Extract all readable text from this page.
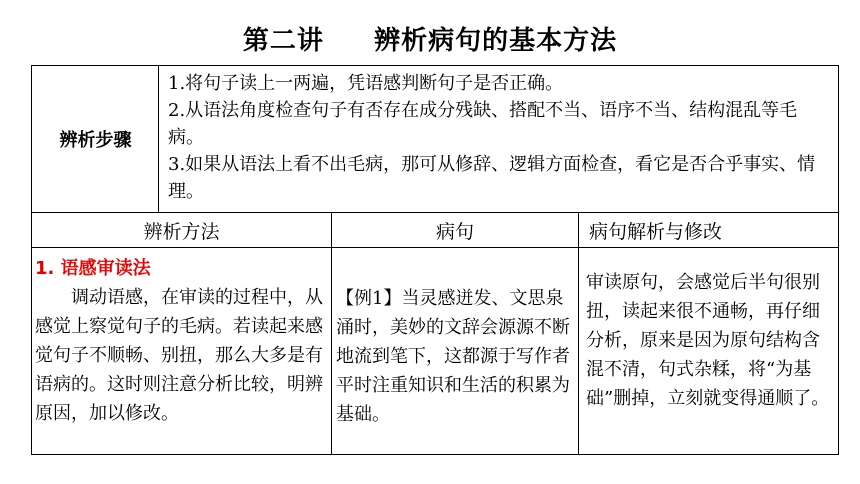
第二讲     辨析病句的基本方法
辨析步骤

1.将句子读上一两遍，凭语感判断句子是否正确。

2.从语法角度检查句子有否存在成分残缺、搭配不当、语序不当、结构混乱等毛病。

3.如果从语法上看不出毛病，那可从修辞、逻辑方面检查，看它是否合乎事实、情理。

辨析方法	病句	病句解析与修改

1. 语感审读法

调动语感，在审读的过程中，从感觉上察觉句子的毛病。若读起来感觉句子不顺畅、别扭，那么大多是有语病的。这时则注意分析比较，明辨原因，加以修改。

【例1】当灵感迸发、文思泉涌时，美妙的文辞会源源不断地流到笔下，这都源于写作者平时注重知识和生活的积累为基础。

审读原句，会感觉后半句很别扭，读起来很不通畅，再仔细分析，原来是因为原句结构含混不清，句式杂糅，将“为基础”删掉，立刻就变得通顺了。
